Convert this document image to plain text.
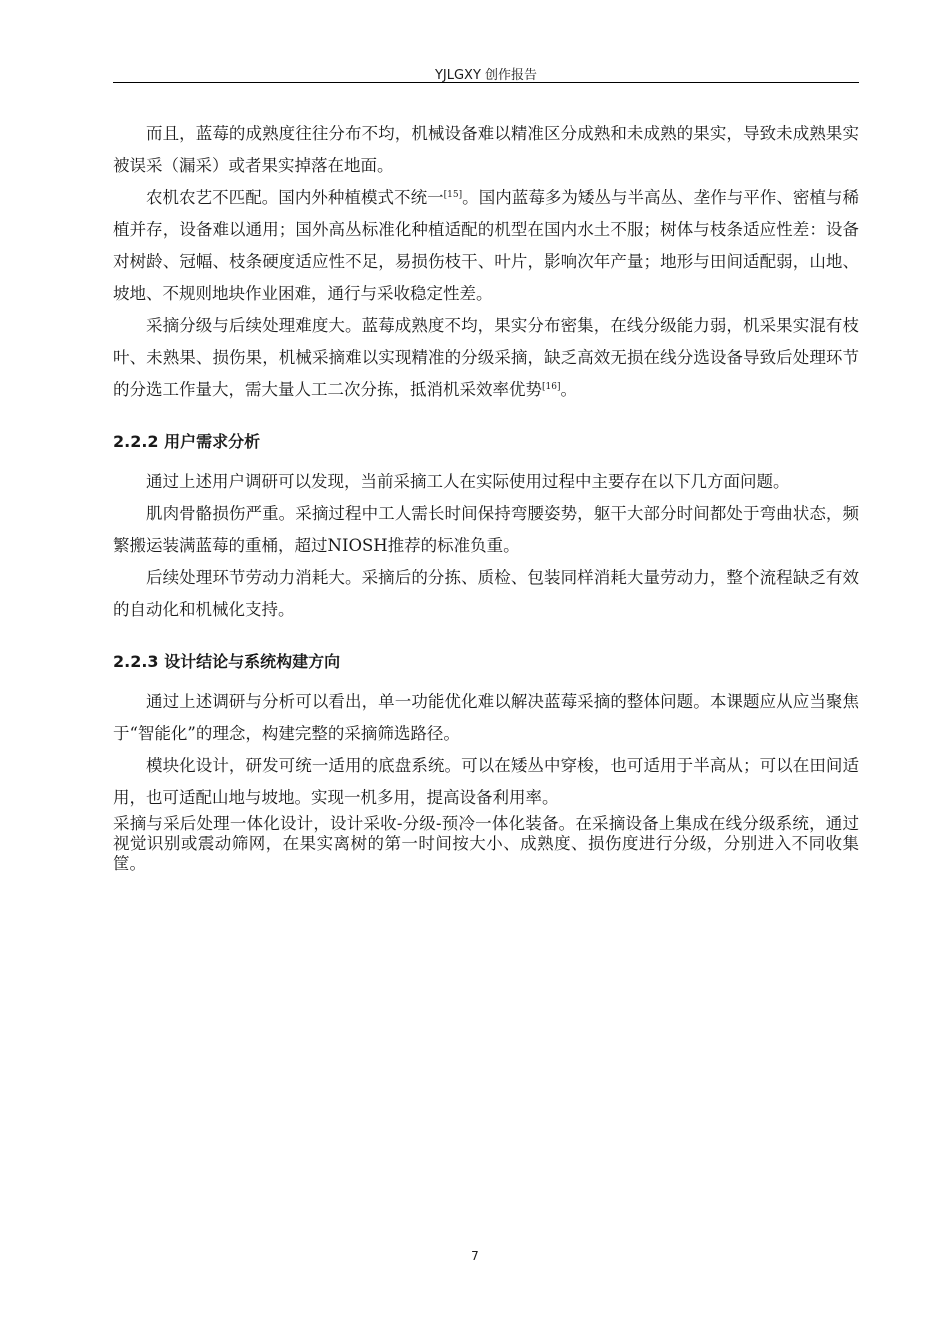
YJLGXY 创作报告

而且，蓝莓的成熟度往往分布不均，机械设备难以精准区分成熟和未成熟的果实，导致未成熟果实被误采（漏采）或者果实掉落在地面。

农机农艺不匹配。国内外种植模式不统一[15]。国内蓝莓多为矮丛与半高丛、垄作与平作、密植与稀植并存，设备难以通用；国外高丛标准化种植适配的机型在国内水土不服；树体与枝条适应性差：设备对树龄、冠幅、枝条硬度适应性不足，易损伤枝干、叶片，影响次年产量；地形与田间适配弱，山地、坡地、不规则地块作业困难，通行与采收稳定性差。

采摘分级与后续处理难度大。蓝莓成熟度不均，果实分布密集，在线分级能力弱，机采果实混有枝叶、未熟果、损伤果，机械采摘难以实现精准的分级采摘，缺乏高效无损在线分选设备导致后处理环节的分选工作量大，需大量人工二次分拣，抵消机采效率优势[16]。

2.2.2 用户需求分析

通过上述用户调研可以发现，当前采摘工人在实际使用过程中主要存在以下几方面问题。

肌肉骨骼损伤严重。采摘过程中工人需长时间保持弯腰姿势，躯干大部分时间都处于弯曲状态，频繁搬运装满蓝莓的重桶，超过NIOSH推荐的标准负重。

后续处理环节劳动力消耗大。采摘后的分拣、质检、包装同样消耗大量劳动力，整个流程缺乏有效的自动化和机械化支持。

2.2.3 设计结论与系统构建方向

通过上述调研与分析可以看出，单一功能优化难以解决蓝莓采摘的整体问题。本课题应从应当聚焦于“智能化”的理念，构建完整的采摘筛选路径。

模块化设计，研发可统一适用的底盘系统。可以在矮丛中穿梭，也可适用于半高从；可以在田间适用，也可适配山地与坡地。实现一机多用，提高设备利用率。

采摘与采后处理一体化设计，设计采收-分级-预冷一体化装备。在采摘设备上集成在线分级系统，通过视觉识别或震动筛网，在果实离树的第一时间按大小、成熟度、损伤度进行分级，分别进入不同收集筐。

7
